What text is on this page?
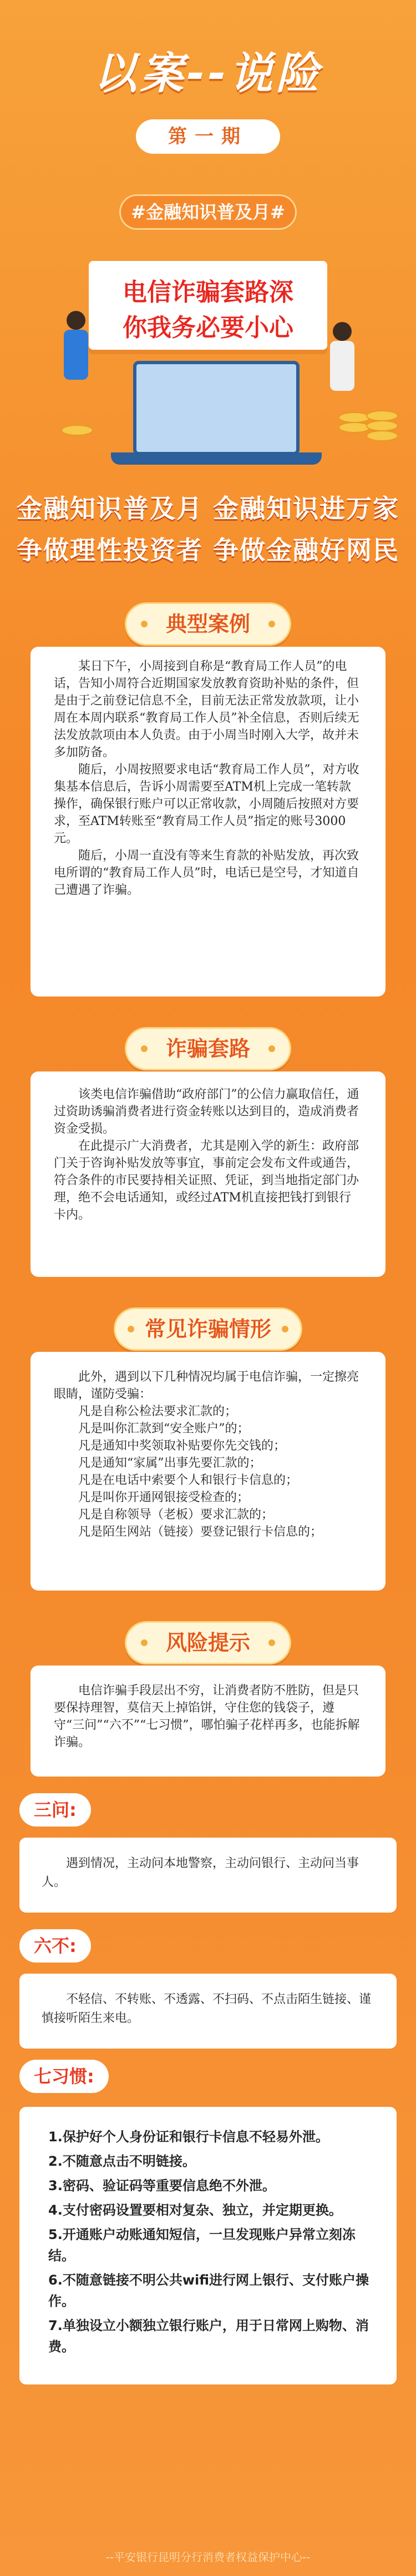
以案--说险
第一期
#金融知识普及月#
电信诈骗套路深
你我务必要小心
金融知识普及月 金融知识进万家
争做理性投资者 争做金融好网民
典型案例

某日下午，小周接到自称是“教育局工作人员”的电话，告知小周符合近期国家发放教育资助补贴的条件，但是由于之前登记信息不全，目前无法正常发放款项，让小周在本周内联系“教育局工作人员”补全信息，否则后续无法发放款项由本人负责。由于小周当时刚入大学，故并未多加防备。

随后，小周按照要求电话“教育局工作人员”，对方收集基本信息后，告诉小周需要至ATM机上完成一笔转款操作，确保银行账户可以正常收款，小周随后按照对方要求，至ATM转账至“教育局工作人员”指定的账号3000元。

随后，小周一直没有等来生育款的补贴发放，再次致电所谓的“教育局工作人员”时，电话已是空号，才知道自己遭遇了诈骗。

诈骗套路

该类电信诈骗借助“政府部门”的公信力赢取信任，通过资助诱骗消费者进行资金转账以达到目的，造成消费者资金受损。

在此提示广大消费者，尤其是刚入学的新生：政府部门关于咨询补贴发放等事宜，事前定会发布文件或通告，符合条件的市民要持相关证照、凭证，到当地指定部门办理，绝不会电话通知，或经过ATM机直接把钱打到银行卡内。

常见诈骗情形

此外，遇到以下几种情况均属于电信诈骗，一定擦亮眼睛，谨防受骗：

凡是自称公检法要求汇款的；

凡是叫你汇款到“安全账户”的；

凡是通知中奖领取补贴要你先交钱的；

凡是通知“家属”出事先要汇款的；

凡是在电话中索要个人和银行卡信息的；

凡是叫你开通网银接受检查的；

凡是自称领导（老板）要求汇款的；

凡是陌生网站（链接）要登记银行卡信息的；

风险提示

电信诈骗手段层出不穷，让消费者防不胜防，但是只要保持理智，莫信天上掉馅饼，守住您的钱袋子，遵守“三问”“六不”“七习惯”，哪怕骗子花样再多，也能拆解诈骗。

三问:

遇到情况，主动问本地警察，主动问银行、主动问当事人。

六不:

不轻信、不转账、不透露、不扫码、不点击陌生链接、谨慎接听陌生来电。

七习惯:
1.保护好个人身份证和银行卡信息不轻易外泄。
2.不随意点击不明链接。
3.密码、验证码等重要信息绝不外泄。
4.支付密码设置要相对复杂、独立，并定期更换。
5.开通账户动账通知短信，一旦发现账户异常立刻冻结。
6.不随意链接不明公共wifi进行网上银行、支付账户操作。
7.单独设立小额独立银行账户，用于日常网上购物、消费。
--平安银行昆明分行消费者权益保护中心--
